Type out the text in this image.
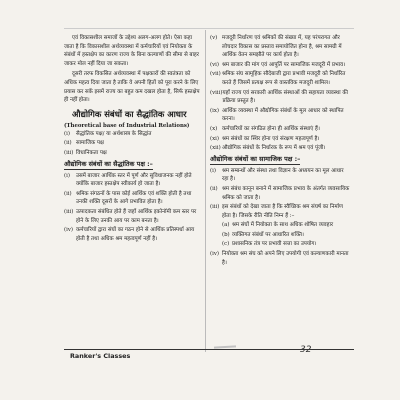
एवं विकासशील समाजों के उद्देश्य अलग-अलग होते। ऐसा कहा जाता है कि विकासशील अर्थव्यवस्था में कर्मचारियों एवं नियोक्ता के संबंधों में हस्तक्षेप का कारण राज्य के बिना कल्याणों की सीमा से बाहर जाकर मोल नहीं दिया जा सकता।

दूसरी तरफ विकसित अर्थव्यवस्था में पक्षकारों की स्वतंत्रता को अधिक महत्व दिया जाता है ताकि वे अपनी हितों को पूरा करने के लिए प्रयास कर सकें इसमें राज्य का बहुत कम दखल होता है, सिर्फ हस्तक्षेप ही नहीं होता।

औद्योगिक संबंधों का सैद्धांतिक आधार
(Theoretical base of Industrial Relations)
(i)	सैद्धांतिक पक्ष/ या अर्थशास्त्र के सिद्धांत
(ii) सामाजिक पक्ष
(iii) विधानिकता पक्ष
औद्योगिक संबंधों का सैद्धांतिक पक्ष :–
(i)	उसमें बाजार आर्थिक स्तर में पूर्ण और सुविधाजनक नहीं होते क्योंकि बाजार हस्तक्षेप स्वीकार्य हो जाता है।
(ii) श्रमिक संगठनों के पास कोई आर्थिक एवं शक्ति होती है तथा उनकी शक्ति दूसरों के आगे प्रभावित होता है।
(iii) उत्पादकता संबंधित होते हैं जहाँ आर्थिक इकोनॉमी कम स्तर पर होने के लिए उनकी आय पर काम बनता है।
(iv) कर्मचारियों द्वारा संघों का गठन होने से आर्थिक प्रतिस्पर्धा आय होती है तथा अधिक श्रम महत्वपूर्ण नहीं है।
(v) मजदूरी निर्धारण एवं श्रमिकों की संख्या में, यह परंपरागत और लोचदार विकास का प्रस्ताव समायोजित होना है, श्रम सामग्री में आर्थिक वेतन समझौते पर कार्य होता है।
(vi) श्रम बाजार की मांग एवं आपूर्ति पर सामाजिक मजदूरी में प्रभाव।
(vii) श्रमिक संघ सामूहिक सौदेबाजी द्वारा प्रभावी मजदूरी को निर्धारित करते हैं जिसमें प्रत्यक्ष रूप से वास्तविक मजदूरी शामिल।
(viii) यहाँ राज्य एवं सरकारी आर्थिक संस्थाओं की सहायता व्यवस्था की प्रक्रिया प्रस्तुत है।
(ix) आर्थिक व्यवस्था में औद्योगिक संबंधों के मूल आधार को स्थापित करना।
(x) कर्मचारियों का संगठित होना ही आर्थिक संस्थाएं हैं।
(xi) श्रम संबंधों का स्थिर होना एवं संरक्षण महत्वपूर्ण है।
(xii) औद्योगिक संबंधों के निर्धारक के रूप में श्रम एवं पूंजी।
औद्योगिक संबंधों का सामाजिक पक्ष :–
(i)	श्रम सम्बन्धों और संस्था तथा विज्ञान के अध्ययन का मूल आधार रहा है।
(ii) श्रम संबंध कानून बनाने में सामाजिक प्रभाव के अंतर्गत व्यवसायिक श्रमिक को जाता है।
(iii) इस संबंधों को देखा जाता है कि स्वैच्छिक श्रम संघर्ष का निर्माण होता है। जिसके रीति नीति निम्न हैं :–
(a) श्रम संघों में नियोक्ता के साथ अधिक शोषित व्यवहार
(b) व्यक्तिगत संबंधों पर आधारित शक्ति।
(c) प्रशासनिक तंत्र पर प्रभावी सत्ता का उपयोग।
(iv) नियोक्ता श्रम संघ को अपने लिए उपयोगी एवं कल्याणकारी मानता है।
Ranker's Classes
32
